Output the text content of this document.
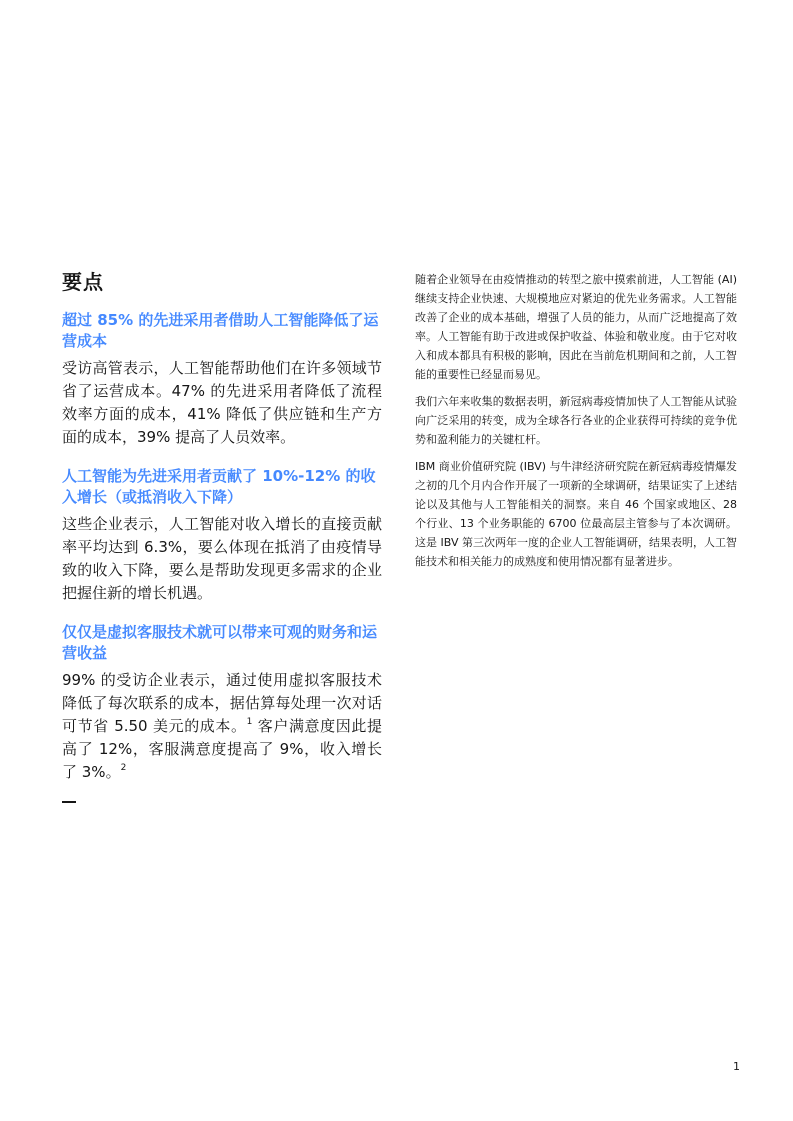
要点
超过 85% 的先进采用者借助人工智能降低了运营成本

受访高管表示，人工智能帮助他们在许多领域节省了运营成本。47% 的先进采用者降低了流程效率方面的成本，41% 降低了供应链和生产方面的成本，39% 提高了人员效率。

人工智能为先进采用者贡献了 10%-12% 的收入增长（或抵消收入下降）

这些企业表示，人工智能对收入增长的直接贡献率平均达到 6.3%，要么体现在抵消了由疫情导致的收入下降，要么是帮助发现更多需求的企业把握住新的增长机遇。

仅仅是虚拟客服技术就可以带来可观的财务和运营收益

99% 的受访企业表示，通过使用虚拟客服技术降低了每次联系的成本，据估算每处理一次对话可节省 5.50 美元的成本。$^1$ 客户满意度因此提高了 12%，客服满意度提高了 9%，收入增长了 3%。$^2$

随着企业领导在由疫情推动的转型之旅中摸索前进，人工智能 (AI) 继续支持企业快速、大规模地应对紧迫的优先业务需求。人工智能改善了企业的成本基础，增强了人员的能力，从而广泛地提高了效率。人工智能有助于改进或保护收益、体验和敬业度。由于它对收入和成本都具有积极的影响，因此在当前危机期间和之前，人工智能的重要性已经显而易见。

我们六年来收集的数据表明，新冠病毒疫情加快了人工智能从试验向广泛采用的转变，成为全球各行各业的企业获得可持续的竞争优势和盈利能力的关键杠杆。

IBM 商业价值研究院 (IBV) 与牛津经济研究院在新冠病毒疫情爆发之初的几个月内合作开展了一项新的全球调研，结果证实了上述结论以及其他与人工智能相关的洞察。来自 46 个国家或地区、28 个行业、13 个业务职能的 6700 位最高层主管参与了本次调研。这是 IBV 第三次两年一度的企业人工智能调研，结果表明，人工智能技术和相关能力的成熟度和使用情况都有显著进步。

1
